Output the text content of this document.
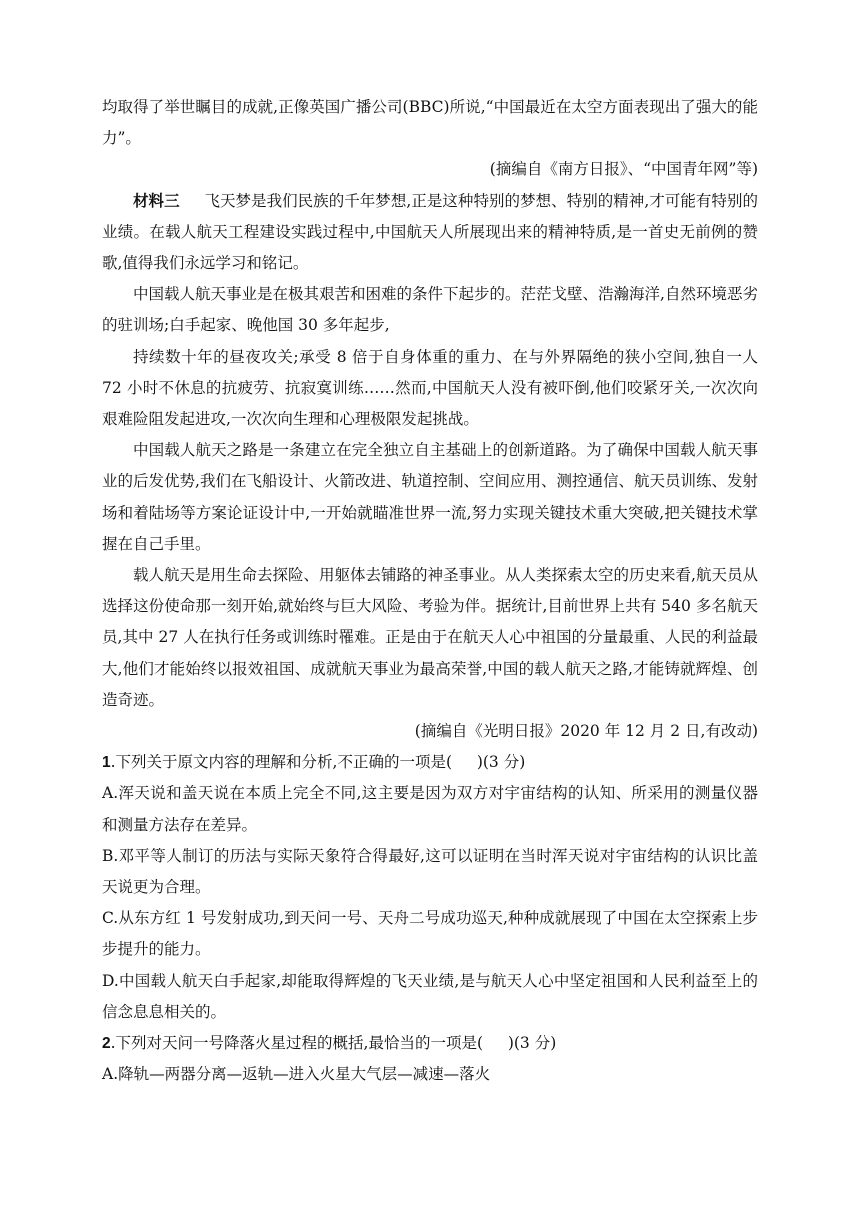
均取得了举世瞩目的成就,正像英国广播公司(BBC)所说,“中国最近在太空方面表现出了强大的能力”。

(摘编自《南方日报》、“中国青年网”等)

材料三 飞天梦是我们民族的千年梦想,正是这种特别的梦想、特别的精神,才可能有特别的业绩。在载人航天工程建设实践过程中,中国航天人所展现出来的精神特质,是一首史无前例的赞歌,值得我们永远学习和铭记。

中国载人航天事业是在极其艰苦和困难的条件下起步的。茫茫戈壁、浩瀚海洋,自然环境恶劣的驻训场;白手起家、晚他国 30 多年起步,

持续数十年的昼夜攻关;承受 8 倍于自身体重的重力、在与外界隔绝的狭小空间,独自一人 72 小时不休息的抗疲劳、抗寂寞训练……然而,中国航天人没有被吓倒,他们咬紧牙关,一次次向艰难险阻发起进攻,一次次向生理和心理极限发起挑战。

中国载人航天之路是一条建立在完全独立自主基础上的创新道路。为了确保中国载人航天事业的后发优势,我们在飞船设计、火箭改进、轨道控制、空间应用、测控通信、航天员训练、发射场和着陆场等方案论证设计中,一开始就瞄准世界一流,努力实现关键技术重大突破,把关键技术掌握在自己手里。

载人航天是用生命去探险、用躯体去铺路的神圣事业。从人类探索太空的历史来看,航天员从选择这份使命那一刻开始,就始终与巨大风险、考验为伴。据统计,目前世界上共有 540 多名航天员,其中 27 人在执行任务或训练时罹难。正是由于在航天人心中祖国的分量最重、人民的利益最大,他们才能始终以报效祖国、成就航天事业为最高荣誉,中国的载人航天之路,才能铸就辉煌、创造奇迹。

(摘编自《光明日报》2020 年 12 月 2 日,有改动)

1.下列关于原文内容的理解和分析,不正确的一项是( )(3 分)

A.浑天说和盖天说在本质上完全不同,这主要是因为双方对宇宙结构的认知、所采用的测量仪器和测量方法存在差异。

B.邓平等人制订的历法与实际天象符合得最好,这可以证明在当时浑天说对宇宙结构的认识比盖天说更为合理。

C.从东方红 1 号发射成功,到天问一号、天舟二号成功巡天,种种成就展现了中国在太空探索上步步提升的能力。

D.中国载人航天白手起家,却能取得辉煌的飞天业绩,是与航天人心中坚定祖国和人民利益至上的信念息息相关的。

2.下列对天问一号降落火星过程的概括,最恰当的一项是( )(3 分)

A.降轨—两器分离—返轨—进入火星大气层—减速—落火
